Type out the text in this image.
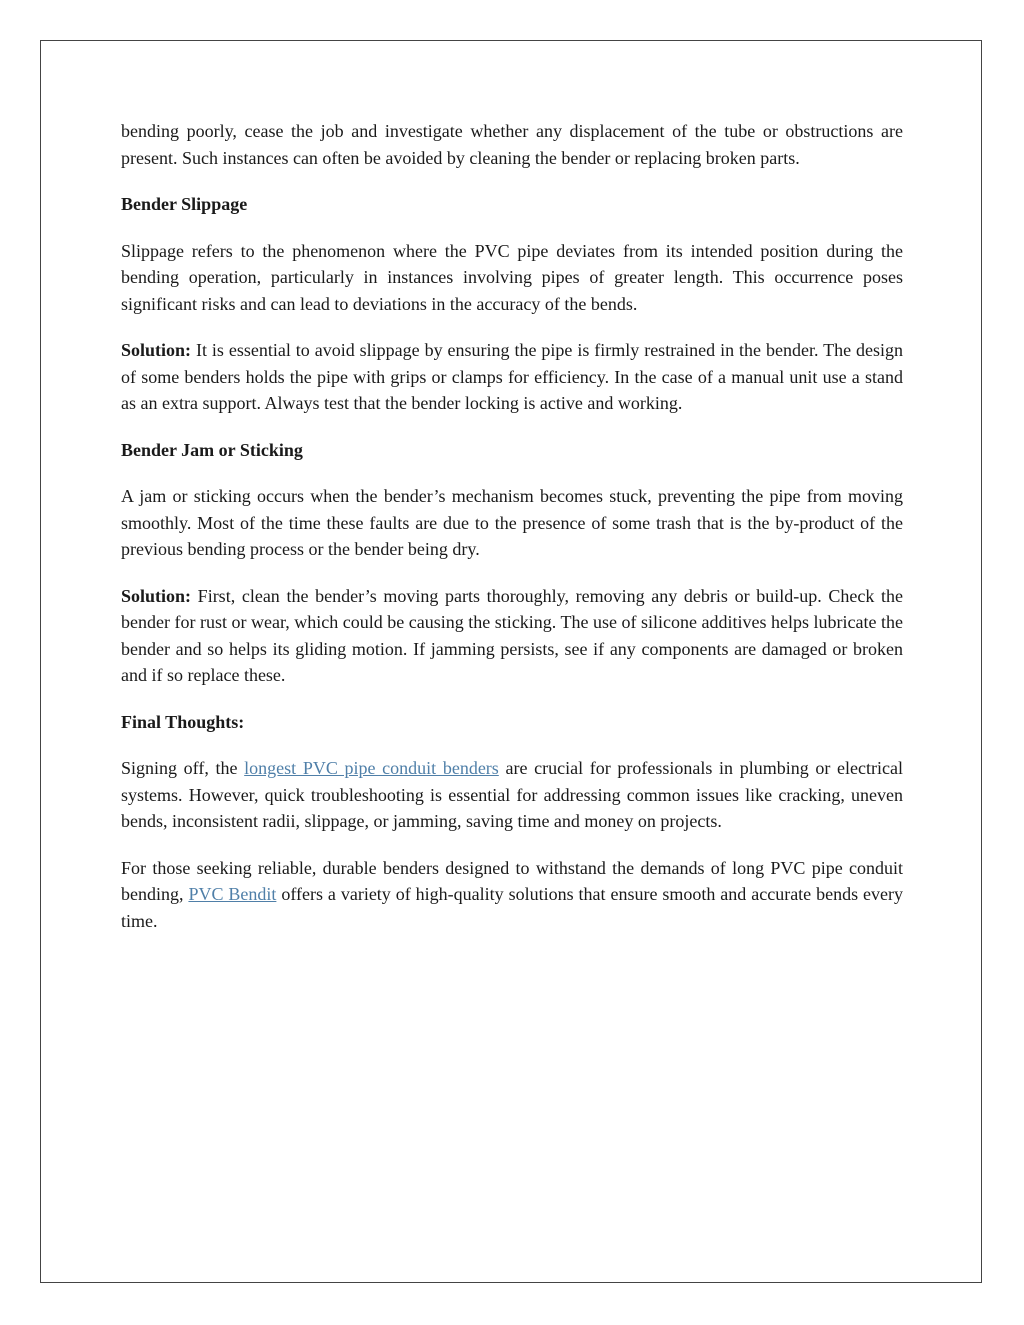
bending poorly, cease the job and investigate whether any displacement of the tube or obstructions are present. Such instances can often be avoided by cleaning the bender or replacing broken parts.

Bender Slippage

Slippage refers to the phenomenon where the PVC pipe deviates from its intended position during the bending operation, particularly in instances involving pipes of greater length. This occurrence poses significant risks and can lead to deviations in the accuracy of the bends.

Solution: It is essential to avoid slippage by ensuring the pipe is firmly restrained in the bender. The design of some benders holds the pipe with grips or clamps for efficiency. In the case of a manual unit use a stand as an extra support. Always test that the bender locking is active and working.

Bender Jam or Sticking

A jam or sticking occurs when the bender’s mechanism becomes stuck, preventing the pipe from moving smoothly. Most of the time these faults are due to the presence of some trash that is the by-product of the previous bending process or the bender being dry.

Solution: First, clean the bender’s moving parts thoroughly, removing any debris or build-up. Check the bender for rust or wear, which could be causing the sticking. The use of silicone additives helps lubricate the bender and so helps its gliding motion. If jamming persists, see if any components are damaged or broken and if so replace these.

Final Thoughts:

Signing off, the longest PVC pipe conduit benders are crucial for professionals in plumbing or electrical systems. However, quick troubleshooting is essential for addressing common issues like cracking, uneven bends, inconsistent radii, slippage, or jamming, saving time and money on projects.

For those seeking reliable, durable benders designed to withstand the demands of long PVC pipe conduit bending, PVC Bendit offers a variety of high-quality solutions that ensure smooth and accurate bends every time.
